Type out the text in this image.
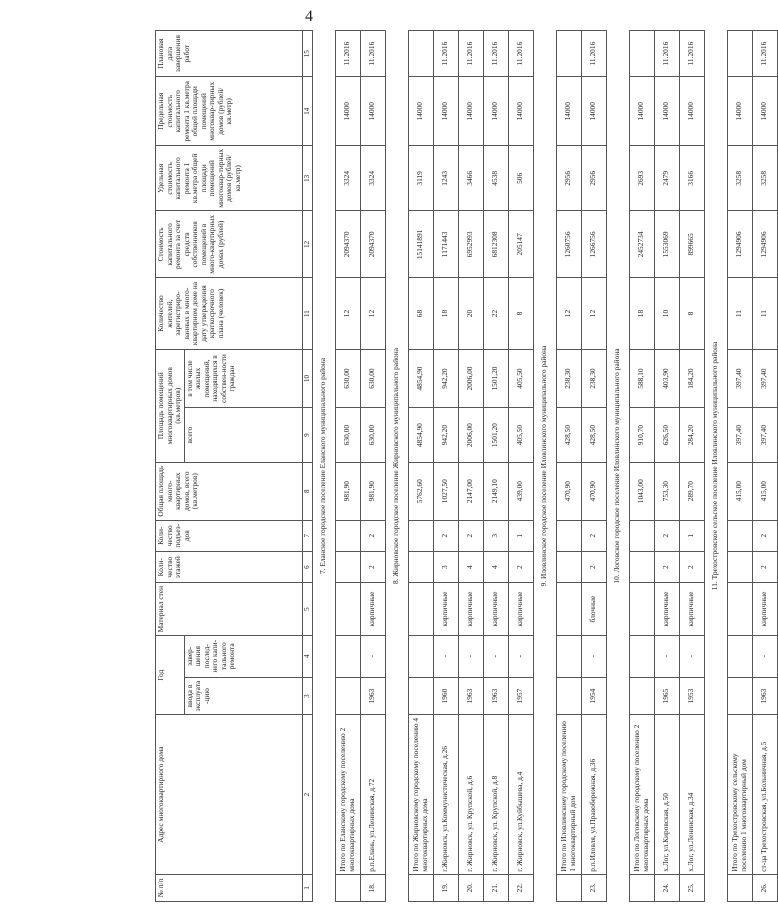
4
№ п/п	Адрес многоквартирного дома	Год		Материал стен	Коли-чество этажей	Коли-чество подъез-дов	Общая площадь много-квартирных домов, всего (кв.метров)	Площадь помещений многоквартирных домов (кв.метров)		Количество жителей, зарегистриро-ванных в много-квартирном доме на дату утверждения краткосрочного плана (человек)	Стоимость капитального ремонта за счет средств собственников помещений в много-квартирных домах (рублей)	Удельная стоимость капитального ремонта 1 кв.метра общей площади помещений многоквар-тирных домов (рублей/кв.метр)	Предельная стоимость капитального ремонта 1 кв.метра общей площади помещений многоквар-тирных домов (рублей/кв.метр)	Плановая дата завершения работ
		ввода в эксплуата-цию	завер-шения послед-него капи-тального ремонта					всего	в том числе жилых помещений, находящихся в собствен-ности граждан					
1	2	3	4	5	6	7	8	9	10	11	12	13	14	15
7. Еланское городское поселение Еланского муниципального района														
	Итого по Еланскому городскому поселению 2 многоквартирных дома						981,90	630,00	630,00	12	2094370	3324	14000	11.2016
18.	р.п.Елань, ул.Ленинская, д.72	1963	-	кирпичные	2	2	981,90	630,00	630,00	12	2094370	3324	14000	11.2016
8. Жирновское городское поселение Жирновского муниципального района														
	Итого по Жирновскому городскому поселению 4 многоквартирных дома						5762,60	4854,90	4854,90	68	15141891	3119	14000	
19.	г.Жирновск, ул.Коммунистическая, д.26	1960	-	кирпичные	3	2	1027,50	942,20	942,20	18	1171443	1243	14000	11.2016
20.	г. Жирновск, ул. Крупской, д.6	1963	-	кирпичные	4	2	2147,00	2006,00	2006,00	20	6952993	3466	14000	11.2016
21.	г. Жирновск, ул. Крупской, д.8	1963	-	кирпичные	4	3	2149,10	1501,20	1501,20	22	6812308	4538	14000	11.2016
22.	г. Жирновск, ул.Куйбышева, д.4	1957	-	кирпичные	2	1	439,00	405,50	405,50	8	205147	506	14000	11.2016
9. Иловлинское городское поселение Иловлинского муниципального района														
	Итого по Иловлинскому городскому поселению 1 многоквартирный дом						470,90	428,50	238,30	12	1260756	2956	14000	
23.	р.п.Иловля, ул.Правобережная, д.36	1954	-	блочные	2	2	470,90	428,50	238,30	12	1266756	2956	14000	11.2016
10. Логовское городское поселение Иловлинского муниципального района														
	Итого по Логовскому городскому поселению 2 многоквартирных дома						1043,00	910,70	588,10	18	2452734	2693	14000	
24.	х.Лог, ул.Кировская, д.50	1965	-	кирпичные	2	2	753,30	626,50	403,90	10	1553069	2479	14000	11.2016
25.	х.Лог, ул.Ленинская, д.34	1953	-	кирпичные	2	1	289,70	284,20	184,20	8	899665	3166	14000	11.2016
11. Трехостровское сельское поселение Иловлинского муниципального района														
	Итого по Трехостровскому сельскому поселению 1 многоквартирный дом						415,00	397,40	397,40	11	1294906	3258	14000	
26.	ст-ца Трехостровская, ул.Больничная, д.5	1963	-	кирпичные	2	2	415,00	397,40	397,40	11	1294906	3258	14000	11.2016
